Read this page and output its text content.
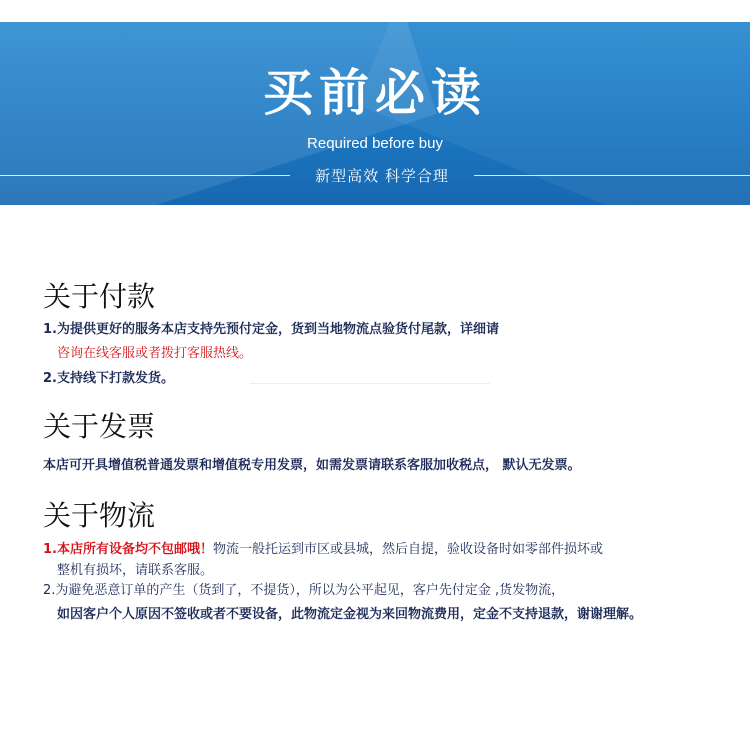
买前必读
Required before buy
新型高效 科学合理
关于付款
1.为提供更好的服务本店支持先预付定金，货到当地物流点验货付尾款，详细请
咨询在线客服或者拨打客服热线。
2.支持线下打款发货。
关于发票
本店可开具增值税普通发票和增值税专用发票，如需发票请联系客服加收税点， 默认无发票。
关于物流
1.本店所有设备均不包邮哦！物流一般托运到市区或县城，然后自提，验收设备时如零部件损坏或
整机有损坏，请联系客服。
2.为避免恶意订单的产生（货到了，不提货），所以为公平起见，客户先付定金 ,货发物流，
如因客户个人原因不签收或者不要设备，此物流定金视为来回物流费用，定金不支持退款，谢谢理解。
